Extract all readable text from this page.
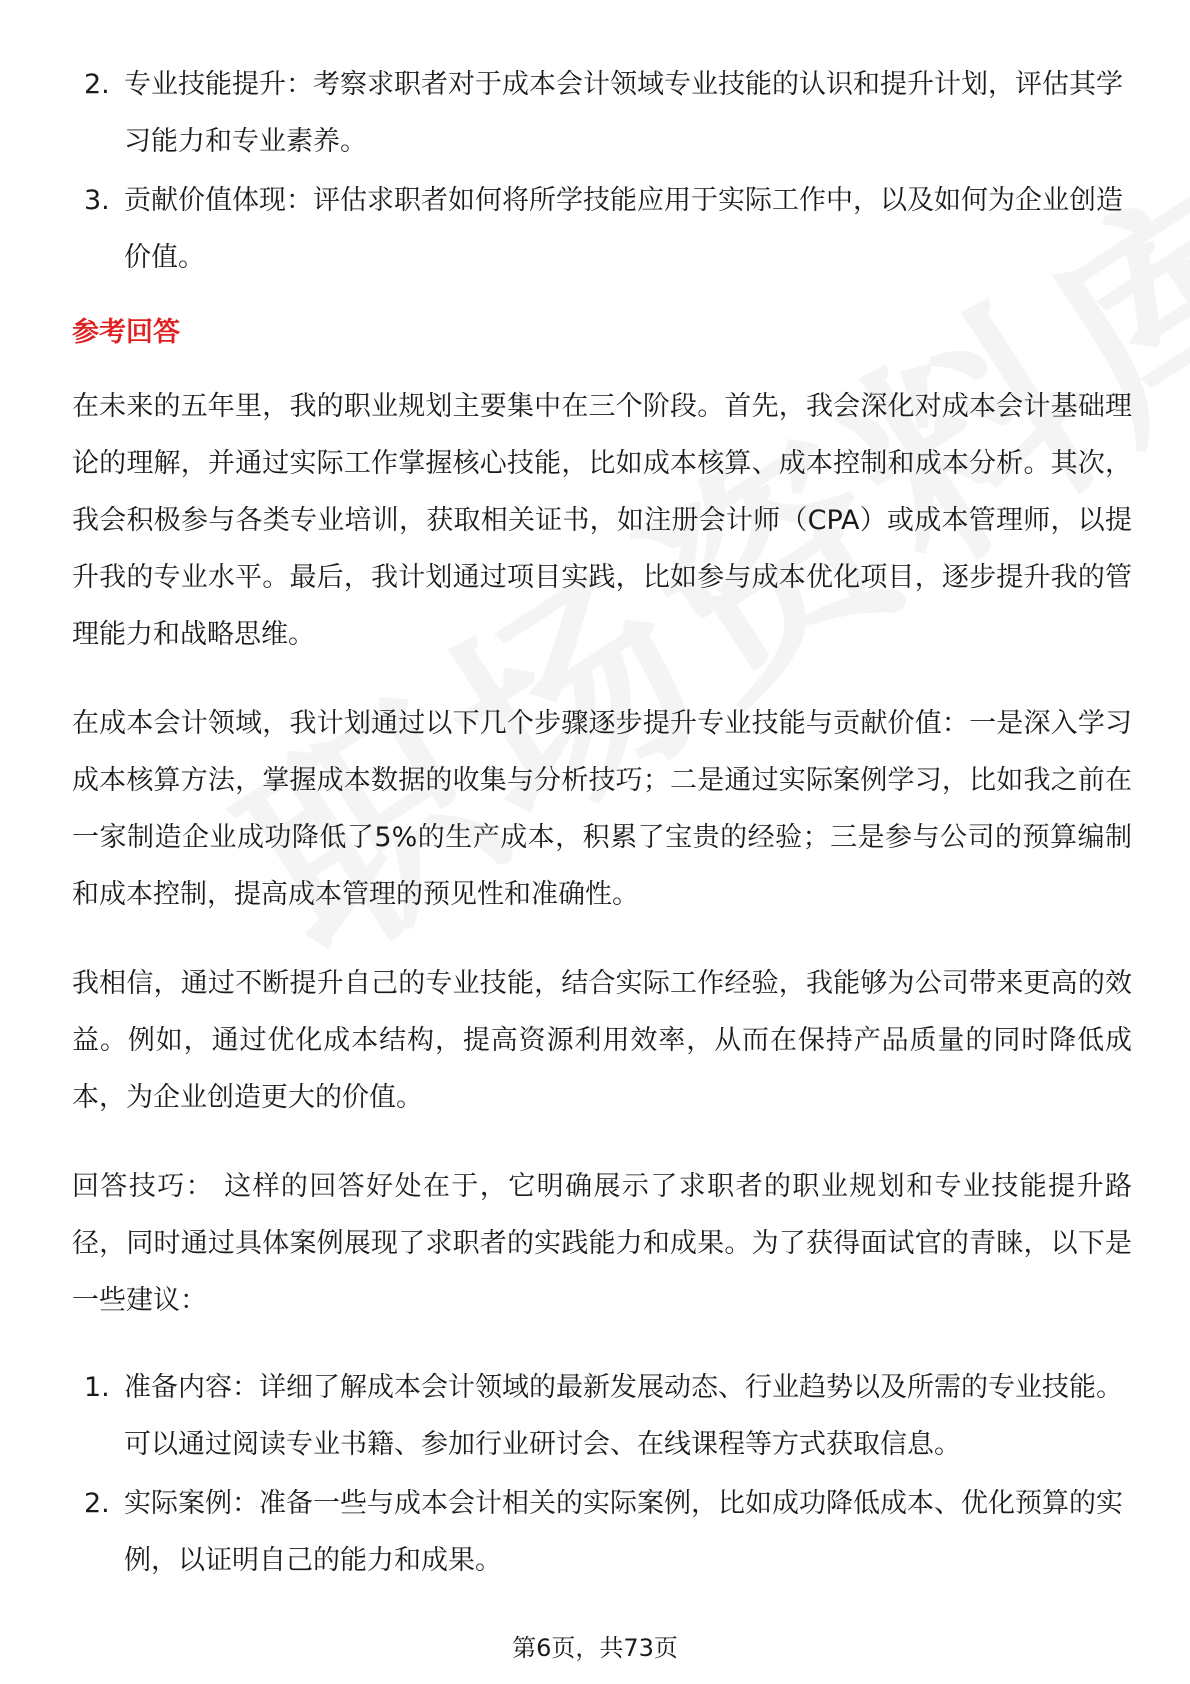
2. 专业技能提升：考察求职者对于成本会计领域专业技能的认识和提升计划，评估其学习能力和专业素养。
3. 贡献价值体现：评估求职者如何将所学技能应用于实际工作中，以及如何为企业创造价值。
参考回答

在未来的五年里，我的职业规划主要集中在三个阶段。首先，我会深化对成本会计基础理论的理解，并通过实际工作掌握核心技能，比如成本核算、成本控制和成本分析。其次，我会积极参与各类专业培训，获取相关证书，如注册会计师（CPA）或成本管理师，以提升我的专业水平。最后，我计划通过项目实践，比如参与成本优化项目，逐步提升我的管理能力和战略思维。

在成本会计领域，我计划通过以下几个步骤逐步提升专业技能与贡献价值：一是深入学习成本核算方法，掌握成本数据的收集与分析技巧；二是通过实际案例学习，比如我之前在一家制造企业成功降低了5%的生产成本，积累了宝贵的经验；三是参与公司的预算编制和成本控制，提高成本管理的预见性和准确性。

我相信，通过不断提升自己的专业技能，结合实际工作经验，我能够为公司带来更高的效益。例如，通过优化成本结构，提高资源利用效率，从而在保持产品质量的同时降低成本，为企业创造更大的价值。

回答技巧： 这样的回答好处在于，它明确展示了求职者的职业规划和专业技能提升路径，同时通过具体案例展现了求职者的实践能力和成果。为了获得面试官的青睐，以下是一些建议：

1. 准备内容：详细了解成本会计领域的最新发展动态、行业趋势以及所需的专业技能。可以通过阅读专业书籍、参加行业研讨会、在线课程等方式获取信息。
2. 实际案例：准备一些与成本会计相关的实际案例，比如成功降低成本、优化预算的实例，以证明自己的能力和成果。
第6页，共73页
